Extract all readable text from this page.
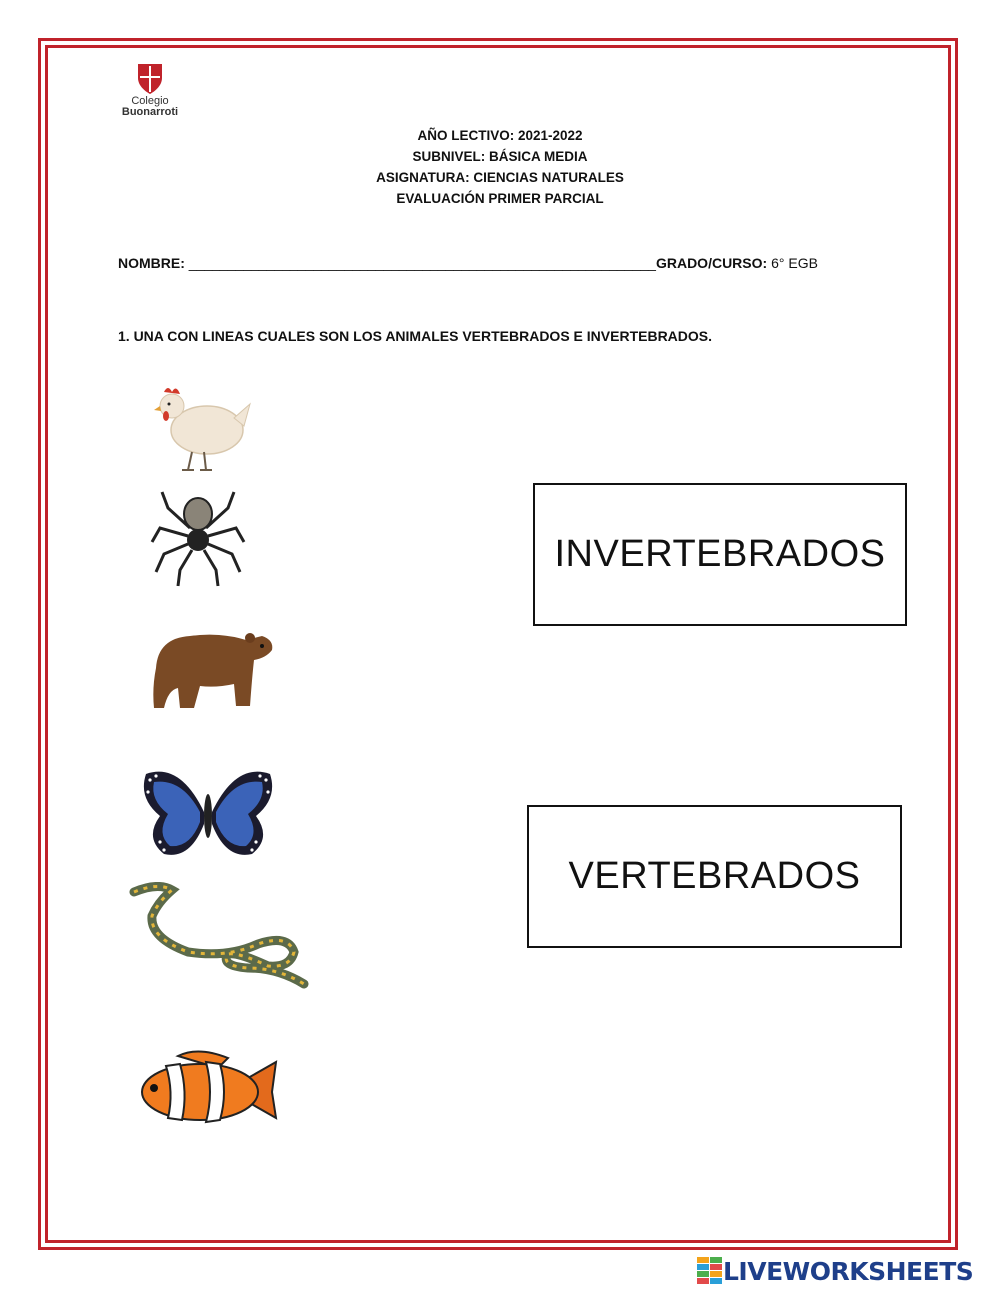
Colegio
Buonarroti
AÑO LECTIVO: 2021-2022
SUBNIVEL: BÁSICA MEDIA
ASIGNATURA: CIENCIAS NATURALES
EVALUACIÓN PRIMER PARCIAL
NOMBRE: ____________________________________________________________GRADO/CURSO: 6° EGB
1. UNA CON LINEAS CUALES SON LOS ANIMALES VERTEBRADOS E INVERTEBRADOS.
INVERTEBRADOS
VERTEBRADOS
LIVEWORKSHEETS
